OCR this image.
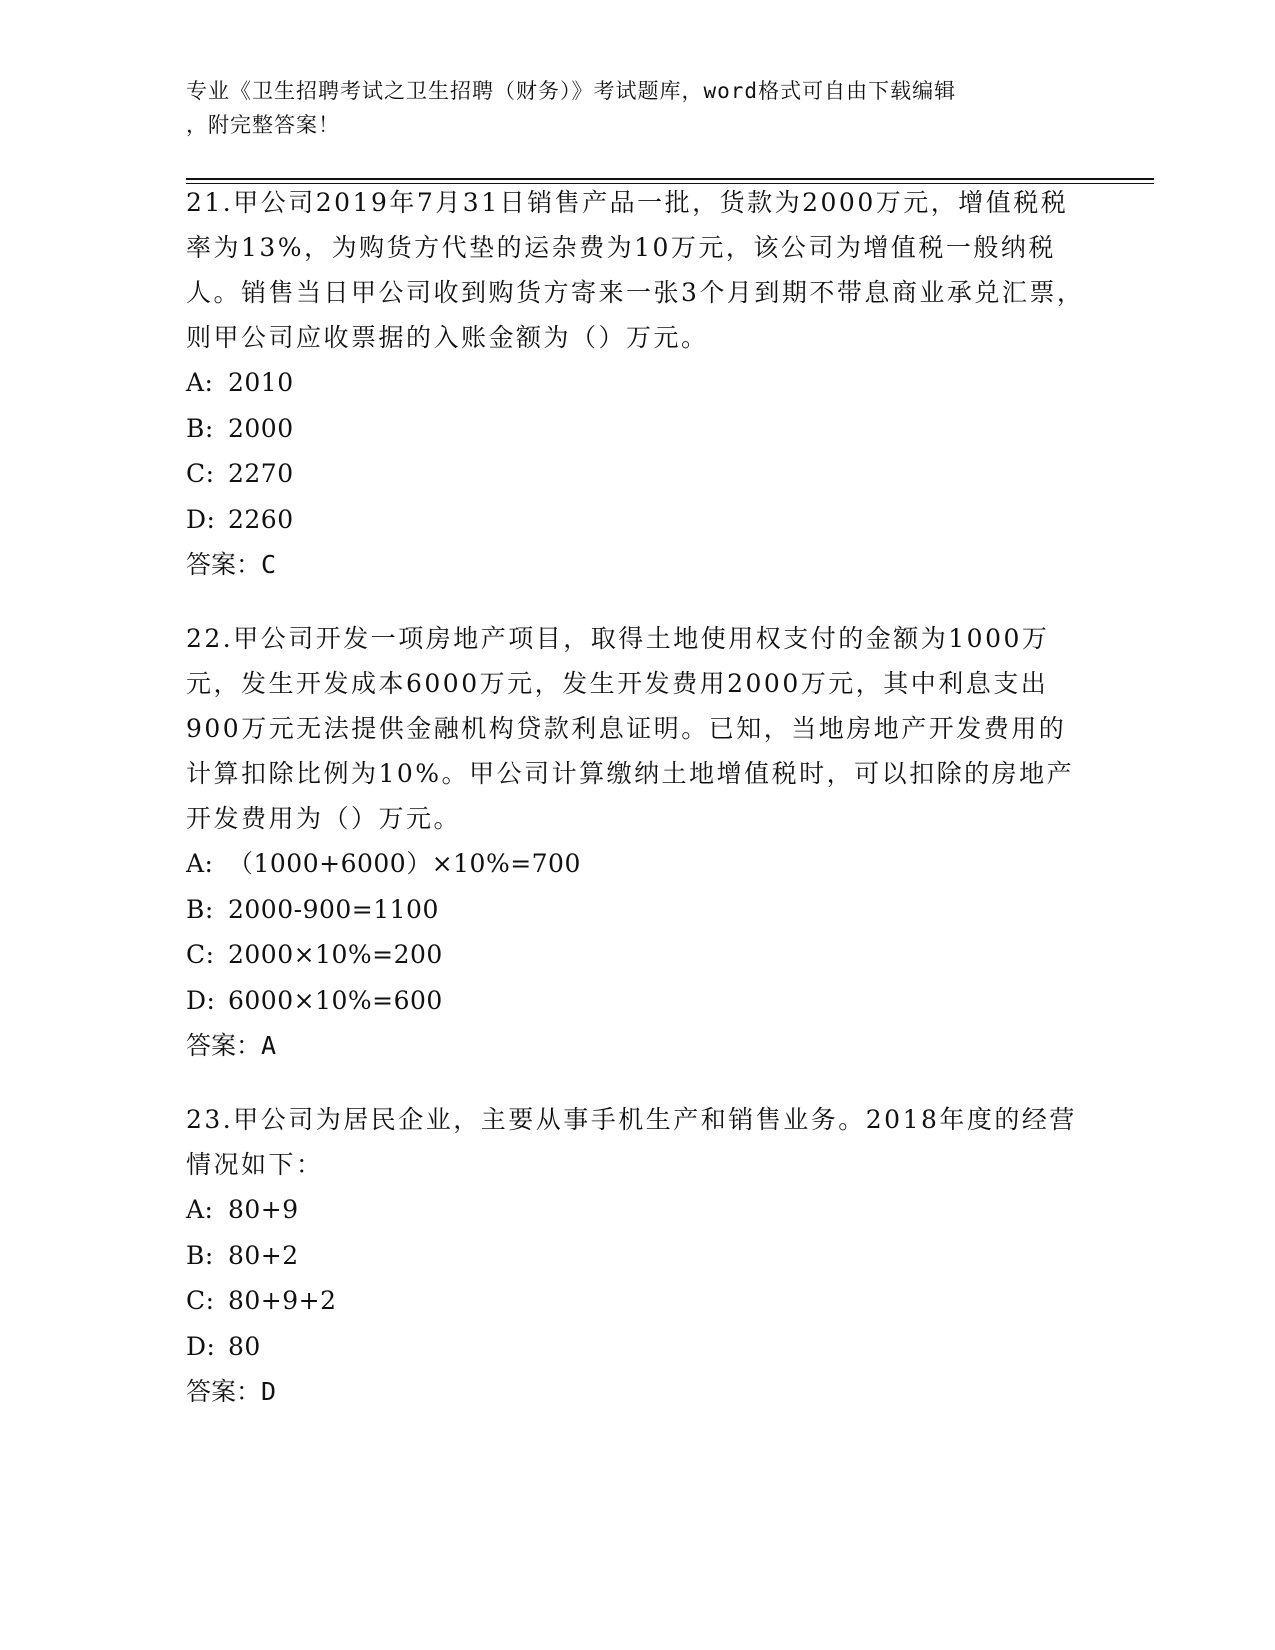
专业《卫生招聘考试之卫生招聘（财务）》考试题库，word格式可自由下载编辑
，附完整答案！

21.甲公司2019年7月31日销售产品一批，货款为2000万元，增值税税率为13%，为购货方代垫的运杂费为10万元，该公司为增值税一般纳税人。销售当日甲公司收到购货方寄来一张3个月到期不带息商业承兑汇票，则甲公司应收票据的入账金额为（）万元。

A: 2010

B: 2000

C: 2270

D: 2260

答案：C

22.甲公司开发一项房地产项目，取得土地使用权支付的金额为1000万元，发生开发成本6000万元，发生开发费用2000万元，其中利息支出900万元无法提供金融机构贷款利息证明。已知，当地房地产开发费用的计算扣除比例为10%。甲公司计算缴纳土地增值税时，可以扣除的房地产开发费用为（）万元。

A: （1000+6000）×10%=700

B: 2000-900=1100

C: 2000×10%=200

D: 6000×10%=600

答案：A

23.甲公司为居民企业，主要从事手机生产和销售业务。2018年度的经营情况如下：

A: 80+9

B: 80+2

C: 80+9+2

D: 80

答案：D
